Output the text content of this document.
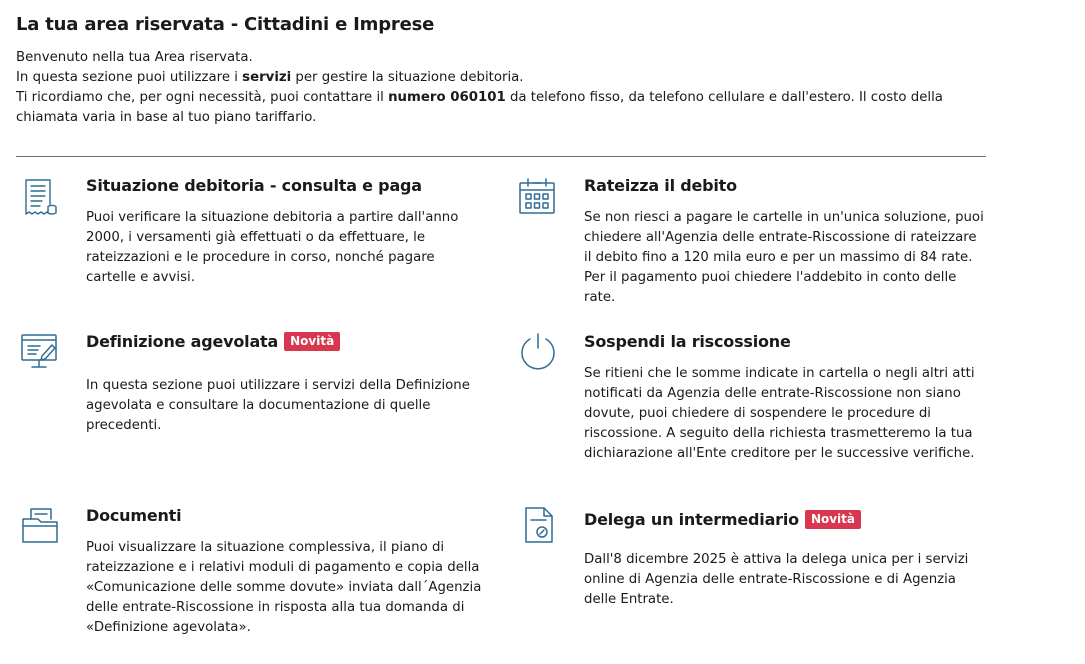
La tua area riservata - Cittadini e Imprese

Benvenuto nella tua Area riservata.

In questa sezione puoi utilizzare i servizi per gestire la situazione debitoria.

Ti ricordiamo che, per ogni necessità, puoi contattare il numero 060101 da telefono fisso, da telefono cellulare e dall'estero. Il costo della chiamata varia in base al tuo piano tariffario.

Situazione debitoria - consulta e paga

Puoi verificare la situazione debitoria a partire dall'anno 2000, i versamenti già effettuati o da effettuare, le rateizzazioni e le procedure in corso, nonché pagare cartelle e avvisi.

Rateizza il debito

Se non riesci a pagare le cartelle in un'unica soluzione, puoi chiedere all'Agenzia delle entrate-Riscossione di rateizzare il debito fino a 120 mila euro e per un massimo di 84 rate. Per il pagamento puoi chiedere l'addebito in conto delle rate.

Definizione agevolata	Novità

In questa sezione puoi utilizzare i servizi della Definizione agevolata e consultare la documentazione di quelle precedenti.

Sospendi la riscossione

Se ritieni che le somme indicate in cartella o negli altri atti notificati da Agenzia delle entrate-Riscossione non siano dovute, puoi chiedere di sospendere le procedure di riscossione. A seguito della richiesta trasmetteremo la tua dichiarazione all'Ente creditore per le successive verifiche.

Documenti

Puoi visualizzare la situazione complessiva, il piano di rateizzazione e i relativi moduli di pagamento e copia della «Comunicazione delle somme dovute» inviata dall´Agenzia delle entrate-Riscossione in risposta alla tua domanda di «Definizione agevolata».

Delega un intermediario	Novità

Dall'8 dicembre 2025 è attiva la delega unica per i servizi online di Agenzia delle entrate-Riscossione e di Agenzia delle Entrate.
